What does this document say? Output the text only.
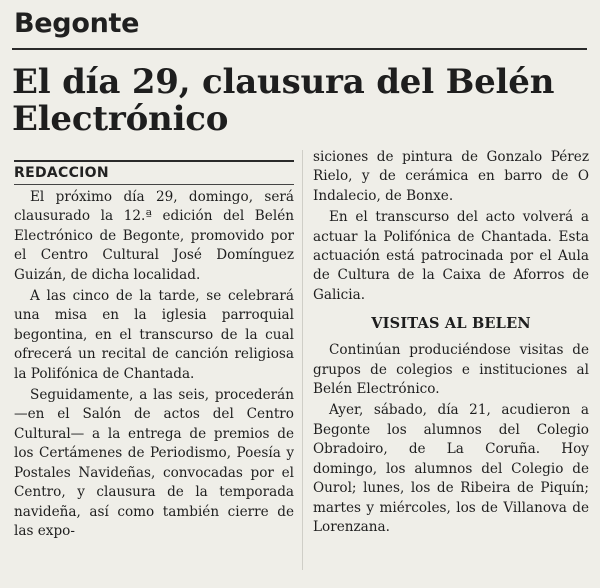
Begonte
El día 29, clausura del Belén Electrónico
REDACCION

El próximo día 29, domingo, será clausurado la 12.ª edición del Belén Electrónico de Begonte, promovido por el Centro Cultural José Domínguez Guizán, de dicha localidad.

A las cinco de la tarde, se celebrará una misa en la iglesia parroquial begontina, en el transcurso de la cual ofrecerá un recital de canción religiosa la Polifónica de Chantada.

Seguidamente, a las seis, procederán —en el Salón de actos del Centro Cultural— a la entrega de premios de los Certámenes de Periodismo, Poesía y Postales Navideñas, convocadas por el Centro, y clausura de la temporada navideña, así como también cierre de las expo-

siciones de pintura de Gonzalo Pérez Rielo, y de cerámica en barro de O Indalecio, de Bonxe.

En el transcurso del acto volverá a actuar la Polifónica de Chantada. Esta actuación está patrocinada por el Aula de Cultura de la Caixa de Aforros de Galicia.

VISITAS AL BELEN

Continúan produciéndose visitas de grupos de colegios e instituciones al Belén Electrónico.

Ayer, sábado, día 21, acudieron a Begonte los alumnos del Colegio Obradoiro, de La Coruña. Hoy domingo, los alumnos del Colegio de Ourol; lunes, los de Ribeira de Piquín; martes y miércoles, los de Villanova de Lorenzana.
